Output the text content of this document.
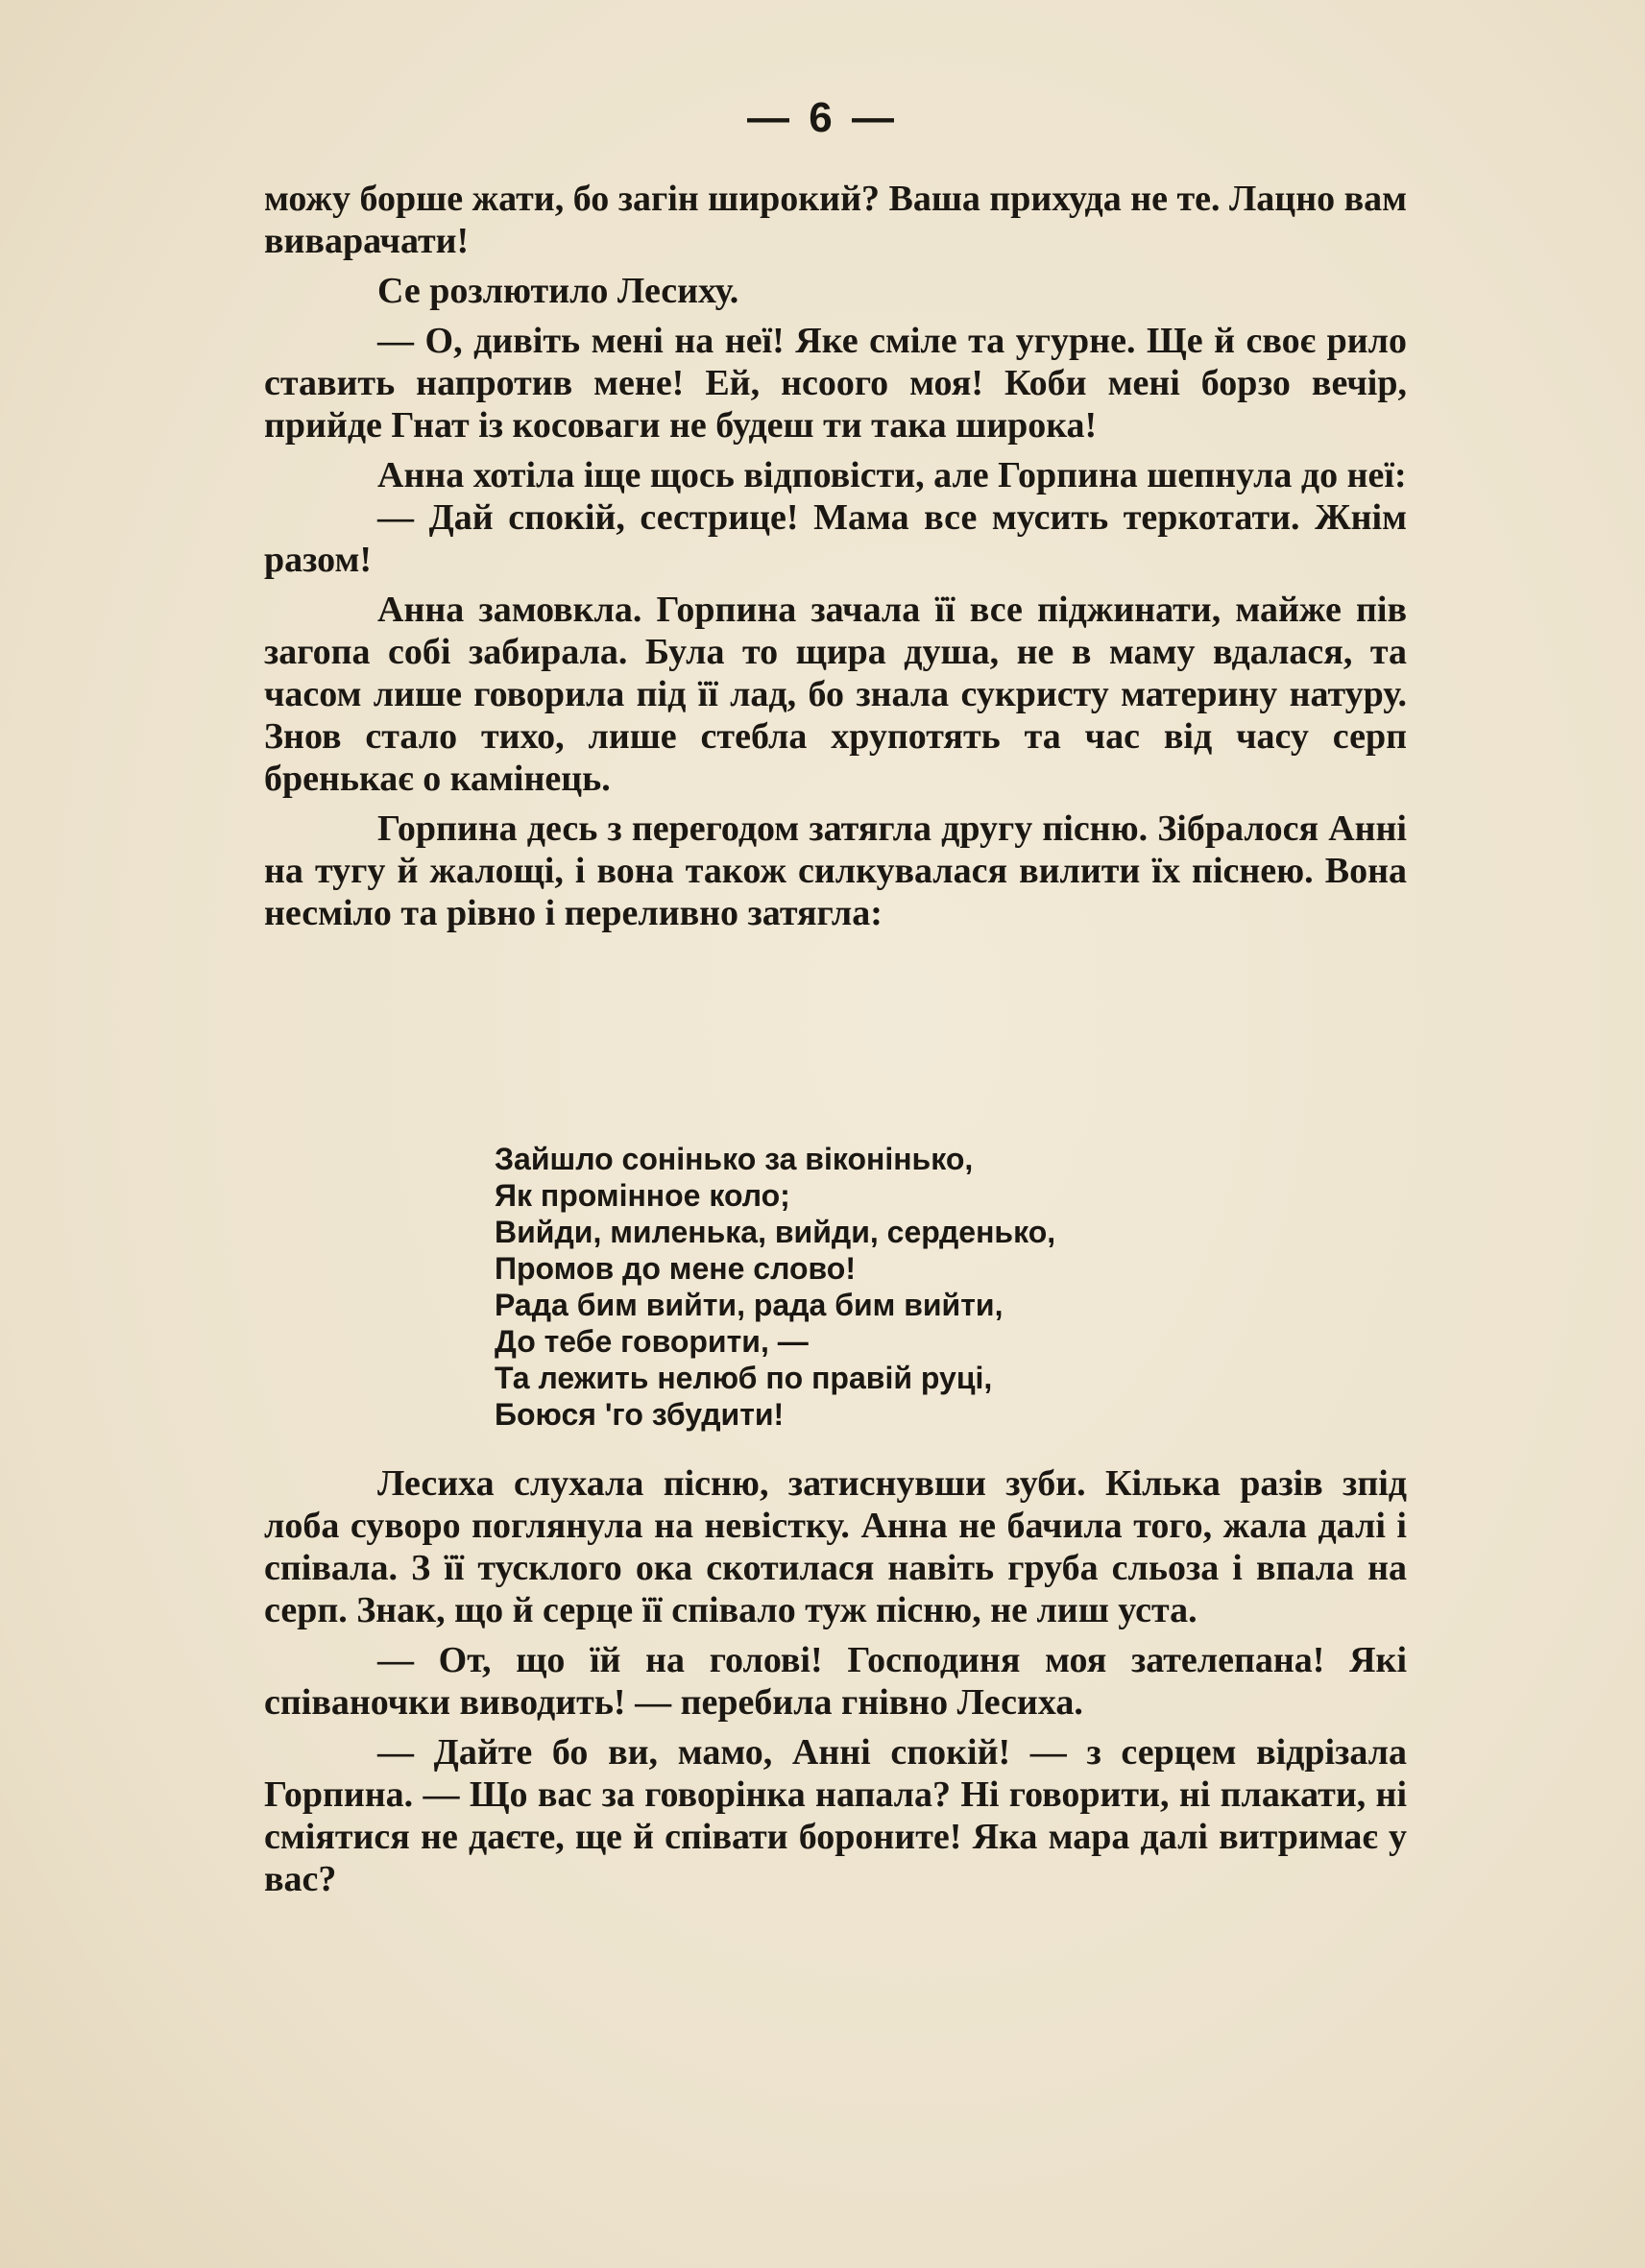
— 6 —

можу борше жати, бо загін широкий? Ваша прихуда не те. Лацно вам виварачати!

Се розлютило Лесиху.

— О, дивіть мені на неї! Яке сміле та угурне. Ще й своє рило ставить напротив мене! Ей, нсоого моя! Коби мені борзо вечір, прийде Гнат із косоваги не будеш ти така широка!

Анна хотіла іще щось відповісти, але Горпина шепнула до неї:

— Дай спокій, сестрице! Мама все мусить теркотати. Жнім разом!

Анна замовкла. Горпина зачала її все піджинати, майже пів загопа собі забирала. Була то щира душа, не в маму вдалася, та часом лише говорила під її лад, бо знала сукристу материну натуру. Знов стало тихо, лише стебла хрупотять та час від часу серп бренькає о камінець.

Горпина десь з перегодом затягла другу пісню. Зібралося Анні на тугу й жалощі, і вона також силкувалася вилити їх піснею. Вона несміло та рівно і переливно затягла:

Зайшло сонінько за віконінько,
Як промінное коло;
Вийди, миленька, вийди, серденько,
Промов до мене слово!
Рада бим вийти, рада бим вийти,
До тебе говорити, —
Та лежить нелюб по правій руці,
Боюся 'го збудити!

Лесиха слухала пісню, затиснувши зуби. Кілька разів зпід лоба суворо поглянула на невістку. Анна не бачила того, жала далі і співала. З її тусклого ока скотилася навіть груба сльоза і впала на серп. Знак, що й серце її співало туж пісню, не лиш уста.

— От, що їй на голові! Господиня моя зателепана! Які співаночки виводить! — перебила гнівно Лесиха.

— Дайте бо ви, мамо, Анні спокій! — з серцем відрізала Горпина. — Що вас за говорінка напала? Ні говорити, ні плакати, ні сміятися не даєте, ще й співати бороните! Яка мара далі витримає у вас?
